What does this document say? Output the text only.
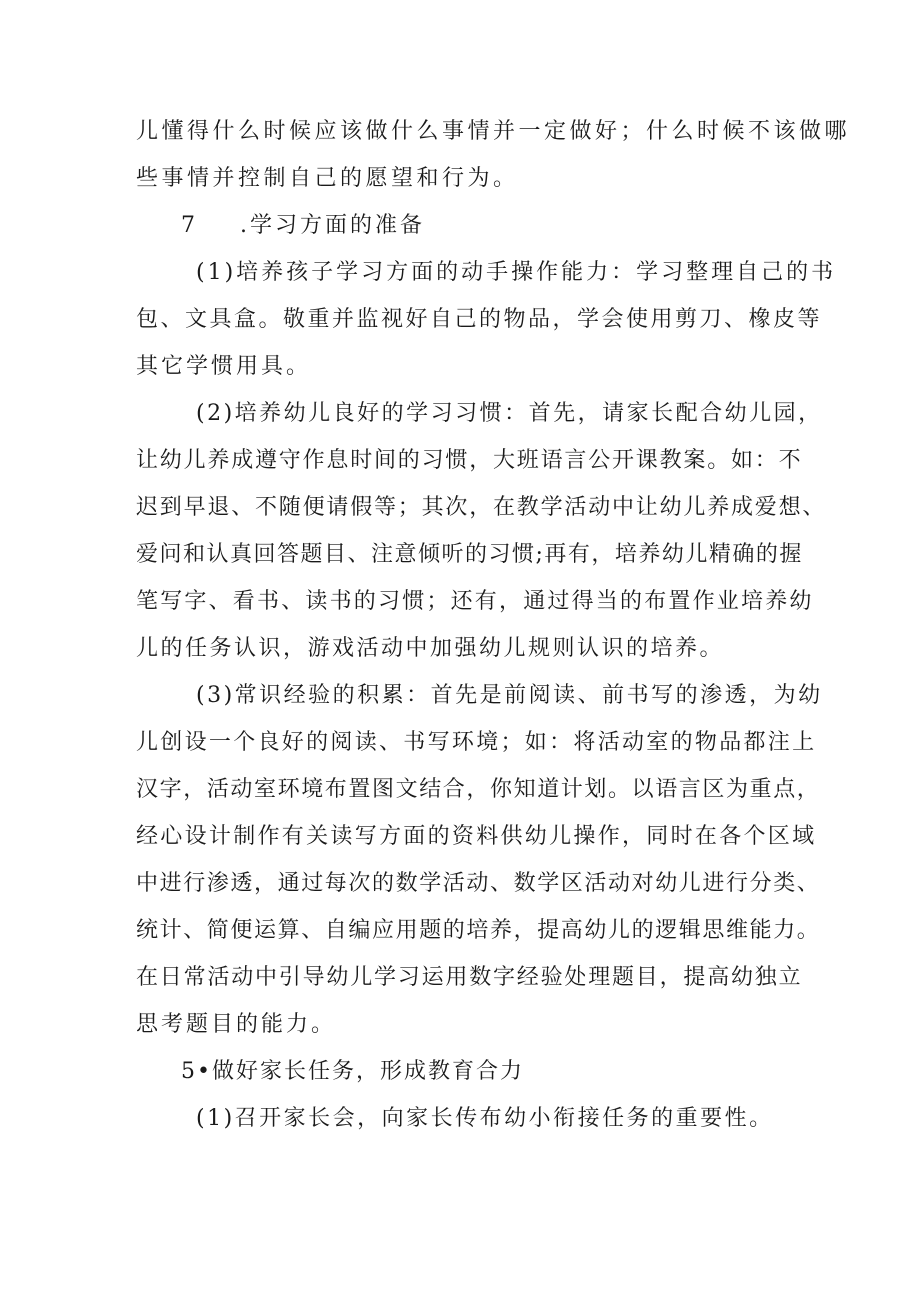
儿懂得什么时候应该做什么事情并一定做好；什么时候不该做哪
些事情并控制自己的愿望和行为。
7 .学习方面的准备
(1)培养孩子学习方面的动手操作能力：学习整理自己的书
包、文具盒。敬重并监视好自己的物品，学会使用剪刀、橡皮等
其它学惯用具。
(2)培养幼儿良好的学习习惯：首先，请家长配合幼儿园，
让幼儿养成遵守作息时间的习惯，大班语言公开课教案。如：不
迟到早退、不随便请假等；其次，在教学活动中让幼儿养成爱想、
爱问和认真回答题目、注意倾听的习惯;再有，培养幼儿精确的握
笔写字、看书、读书的习惯；还有，通过得当的布置作业培养幼
儿的任务认识，游戏活动中加强幼儿规则认识的培养。
(3)常识经验的积累：首先是前阅读、前书写的渗透，为幼
儿创设一个良好的阅读、书写环境；如：将活动室的物品都注上
汉字，活动室环境布置图文结合，你知道计划。以语言区为重点，
经心设计制作有关读写方面的资料供幼儿操作，同时在各个区域
中进行渗透，通过每次的数学活动、数学区活动对幼儿进行分类、
统计、简便运算、自编应用题的培养，提高幼儿的逻辑思维能力。
在日常活动中引导幼儿学习运用数字经验处理题目，提高幼独立
思考题目的能力。
5•做好家长任务，形成教育合力
(1)召开家长会，向家长传布幼小衔接任务的重要性。
